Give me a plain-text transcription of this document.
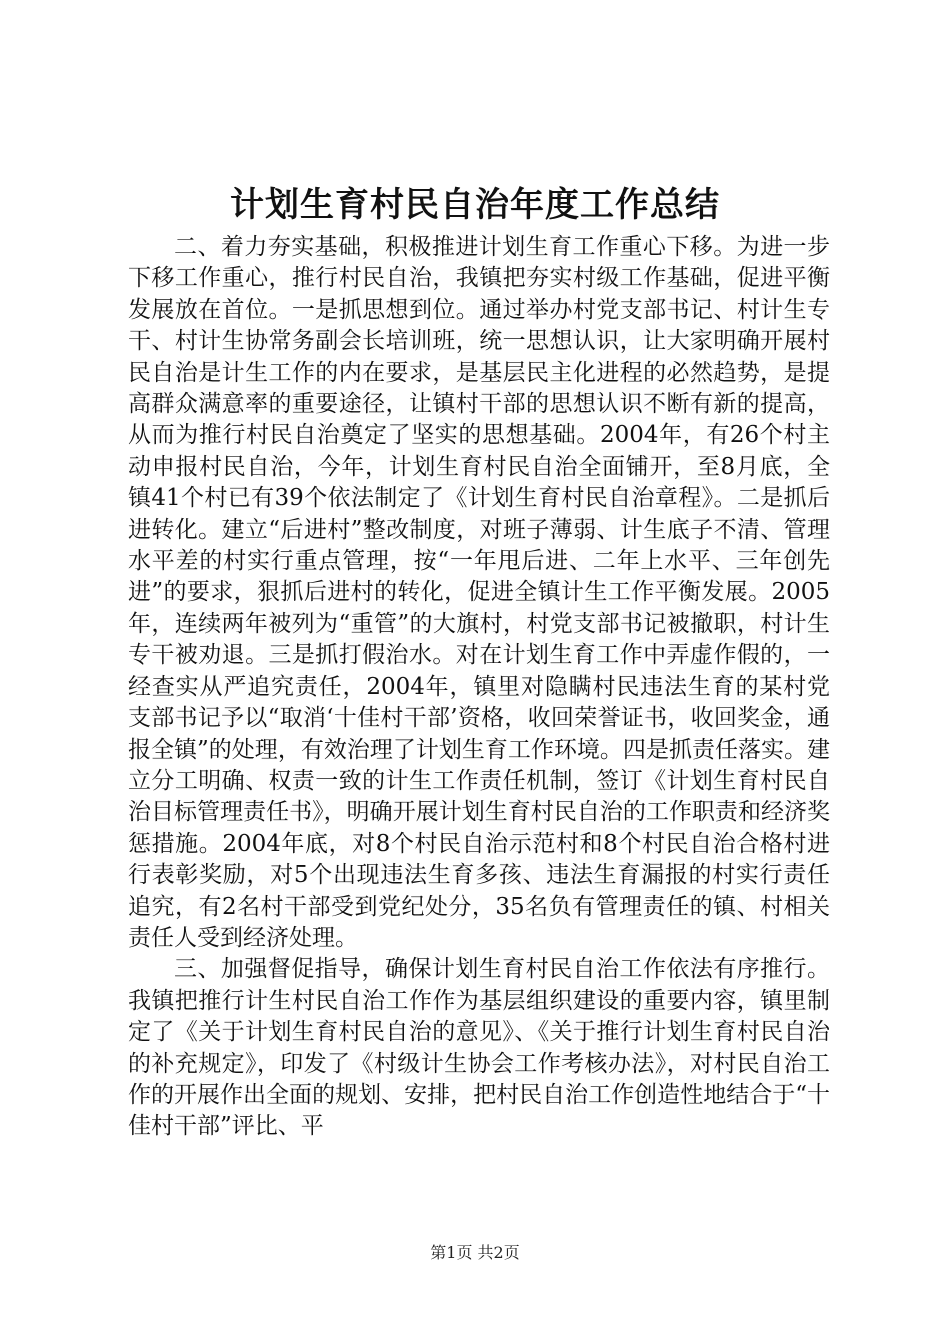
计划生育村民自治年度工作总结

二、着力夯实基础，积极推进计划生育工作重心下移。为进一步下移工作重心，推行村民自治，我镇把夯实村级工作基础，促进平衡发展放在首位。一是抓思想到位。通过举办村党支部书记、村计生专干、村计生协常务副会长培训班，统一思想认识，让大家明确开展村民自治是计生工作的内在要求，是基层民主化进程的必然趋势，是提高群众满意率的重要途径，让镇村干部的思想认识不断有新的提高，从而为推行村民自治奠定了坚实的思想基础。2004年，有26个村主动申报村民自治，今年，计划生育村民自治全面铺开，至8月底，全镇41个村已有39个依法制定了《计划生育村民自治章程》。二是抓后进转化。建立“后进村”整改制度，对班子薄弱、计生底子不清、管理水平差的村实行重点管理，按“一年甩后进、二年上水平、三年创先进”的要求，狠抓后进村的转化，促进全镇计生工作平衡发展。2005年，连续两年被列为“重管”的大旗村，村党支部书记被撤职，村计生专干被劝退。三是抓打假治水。对在计划生育工作中弄虚作假的，一经查实从严追究责任，2004年，镇里对隐瞒村民违法生育的某村党支部书记予以“取消‘十佳村干部’资格，收回荣誉证书，收回奖金，通报全镇”的处理，有效治理了计划生育工作环境。四是抓责任落实。建立分工明确、权责一致的计生工作责任机制，签订《计划生育村民自治目标管理责任书》，明确开展计划生育村民自治的工作职责和经济奖惩措施。2004年底，对8个村民自治示范村和8个村民自治合格村进行表彰奖励，对5个出现违法生育多孩、违法生育漏报的村实行责任追究，有2名村干部受到党纪处分，35名负有管理责任的镇、村相关责任人受到经济处理。

三、加强督促指导，确保计划生育村民自治工作依法有序推行。我镇把推行计生村民自治工作作为基层组织建设的重要内容，镇里制定了《关于计划生育村民自治的意见》、《关于推行计划生育村民自治的补充规定》，印发了《村级计生协会工作考核办法》，对村民自治工作的开展作出全面的规划、安排，把村民自治工作创造性地结合于“十佳村干部”评比、平

第1页 共2页
